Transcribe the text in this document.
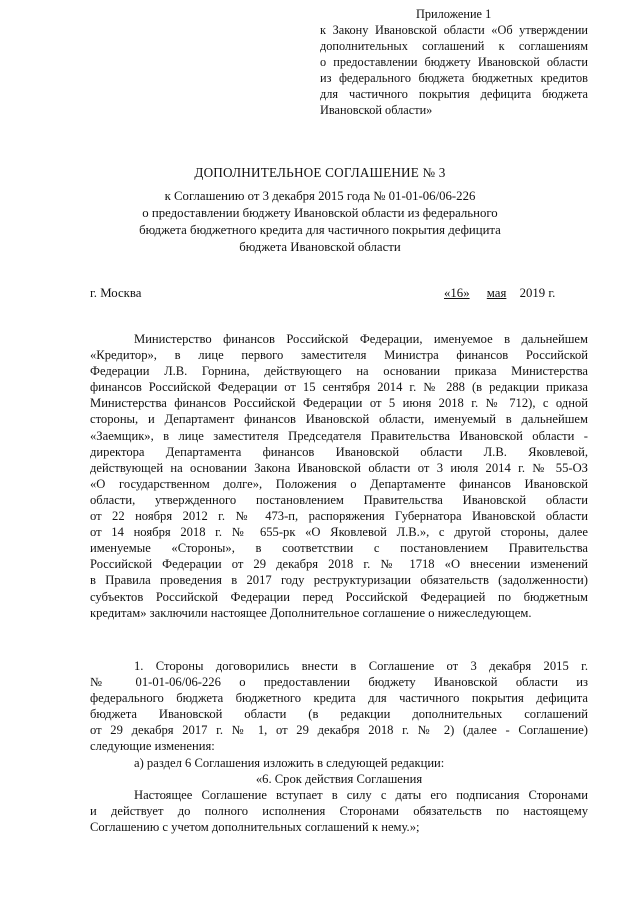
Приложение 1
к Закону Ивановской области «Об утверждении
дополнительных соглашений к соглашениям
о предоставлении бюджету Ивановской области
из федерального бюджета бюджетных кредитов
для частичного покрытия дефицита бюджета
Ивановской области»
ДОПОЛНИТЕЛЬНОЕ СОГЛАШЕНИЕ № 3
к Соглашению от 3 декабря 2015 года № 01-01-06/06-226
о предоставлении бюджету Ивановской области из федерального
бюджета бюджетного кредита для частичного покрытия дефицита
бюджета Ивановской области
г. Москва	«16» мая 2019 г.
Министерство финансов Российской Федерации, именуемое в дальнейшем
«Кредитор», в лице первого заместителя Министра финансов Российской
Федерации Л.В. Горнина, действующего на основании приказа Министерства
финансов Российской Федерации от 15 сентября 2014 г. № 288 (в редакции приказа
Министерства финансов Российской Федерации от 5 июня 2018 г. № 712), с одной
стороны, и Департамент финансов Ивановской области, именуемый в дальнейшем
«Заемщик», в лице заместителя Председателя Правительства Ивановской области -
директора Департамента финансов Ивановской области Л.В. Яковлевой,
действующей на основании Закона Ивановской области от 3 июля 2014 г. № 55-ОЗ
«О государственном долге», Положения о Департаменте финансов Ивановской
области, утвержденного постановлением Правительства Ивановской области
от 22 ноября 2012 г. № 473-п, распоряжения Губернатора Ивановской области
от 14 ноября 2018 г. № 655-рк «О Яковлевой Л.В.», с другой стороны, далее
именуемые «Стороны», в соответствии с постановлением Правительства
Российской Федерации от 29 декабря 2018 г. № 1718 «О внесении изменений
в Правила проведения в 2017 году реструктуризации обязательств (задолженности)
субъектов Российской Федерации перед Российской Федерацией по бюджетным
кредитам» заключили настоящее Дополнительное соглашение о нижеследующем.
1. Стороны договорились внести в Соглашение от 3 декабря 2015 г.
№ 01-01-06/06-226 о предоставлении бюджету Ивановской области из
федерального бюджета бюджетного кредита для частичного покрытия дефицита
бюджета Ивановской области (в редакции дополнительных соглашений
от 29 декабря 2017 г. № 1, от 29 декабря 2018 г. № 2) (далее - Соглашение)
следующие изменения:
а) раздел 6 Соглашения изложить в следующей редакции:
«6. Срок действия Соглашения
Настоящее Соглашение вступает в силу с даты его подписания Сторонами
и действует до полного исполнения Сторонами обязательств по настоящему
Соглашению с учетом дополнительных соглашений к нему.»;
